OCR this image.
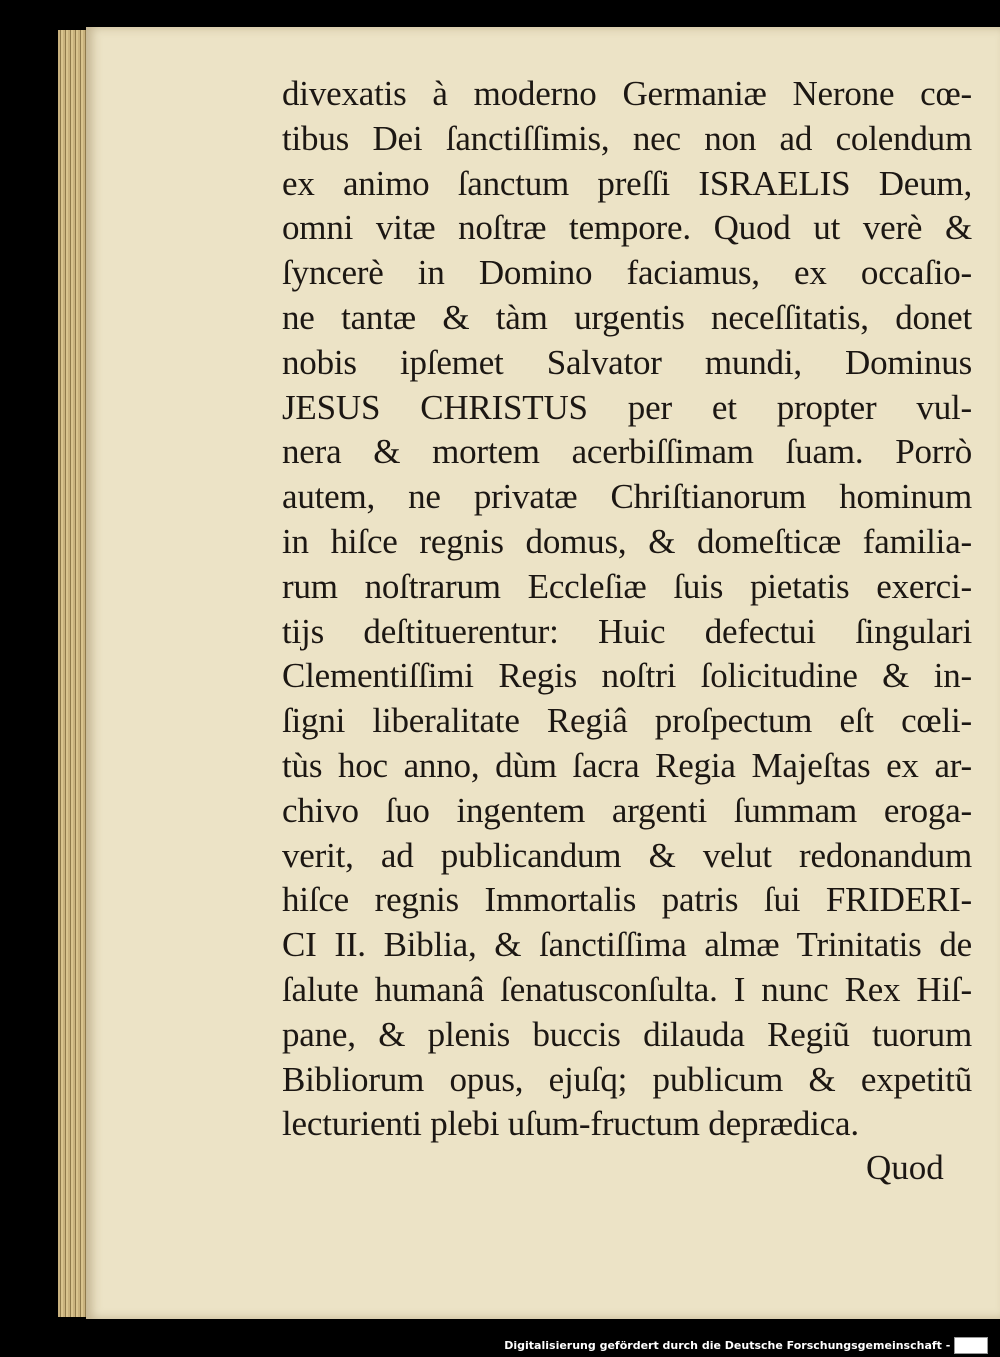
divexatis à moderno Germaniæ Nerone cœ-
tibus Dei ſanctiſſimis, nec non ad colendum
ex animo ſanctum preſſi ISRAELIS Deum,
omni vitæ noſtræ tempore. Quod ut verè &
ſyncerè in Domino faciamus, ex occaſio-
ne tantæ & tàm urgentis neceſſitatis, donet
nobis ipſemet Salvator mundi, Dominus
JESUS CHRISTUS per et propter vul-
nera & mortem acerbiſſimam ſuam. Porrò
autem, ne privatæ Chriſtianorum hominum
in hiſce regnis domus, & domeſticæ familia-
rum noſtrarum Eccleſiæ ſuis pietatis exerci-
tijs deſtituerentur: Huic defectui ſingulari
Clementiſſimi Regis noſtri ſolicitudine & in-
ſigni liberalitate Regiâ proſpectum eſt cœli-
tùs hoc anno, dùm ſacra Regia Majeſtas ex ar-
chivo ſuo ingentem argenti ſummam eroga-
verit, ad publicandum & velut redonandum
hiſce regnis Immortalis patris ſui FRIDERI-
CI II. Biblia, & ſanctiſſima almæ Trinitatis de
ſalute humanâ ſenatusconſulta. I nunc Rex Hiſ-
pane, & plenis buccis dilauda Regiũ tuorum
Bibliorum opus, ejuſq; publicum & expetitũ
lecturienti plebi uſum-fructum deprædica.
Quod
Digitalisierung gefördert durch die Deutsche Forschungsgemeinschaft - DFG
